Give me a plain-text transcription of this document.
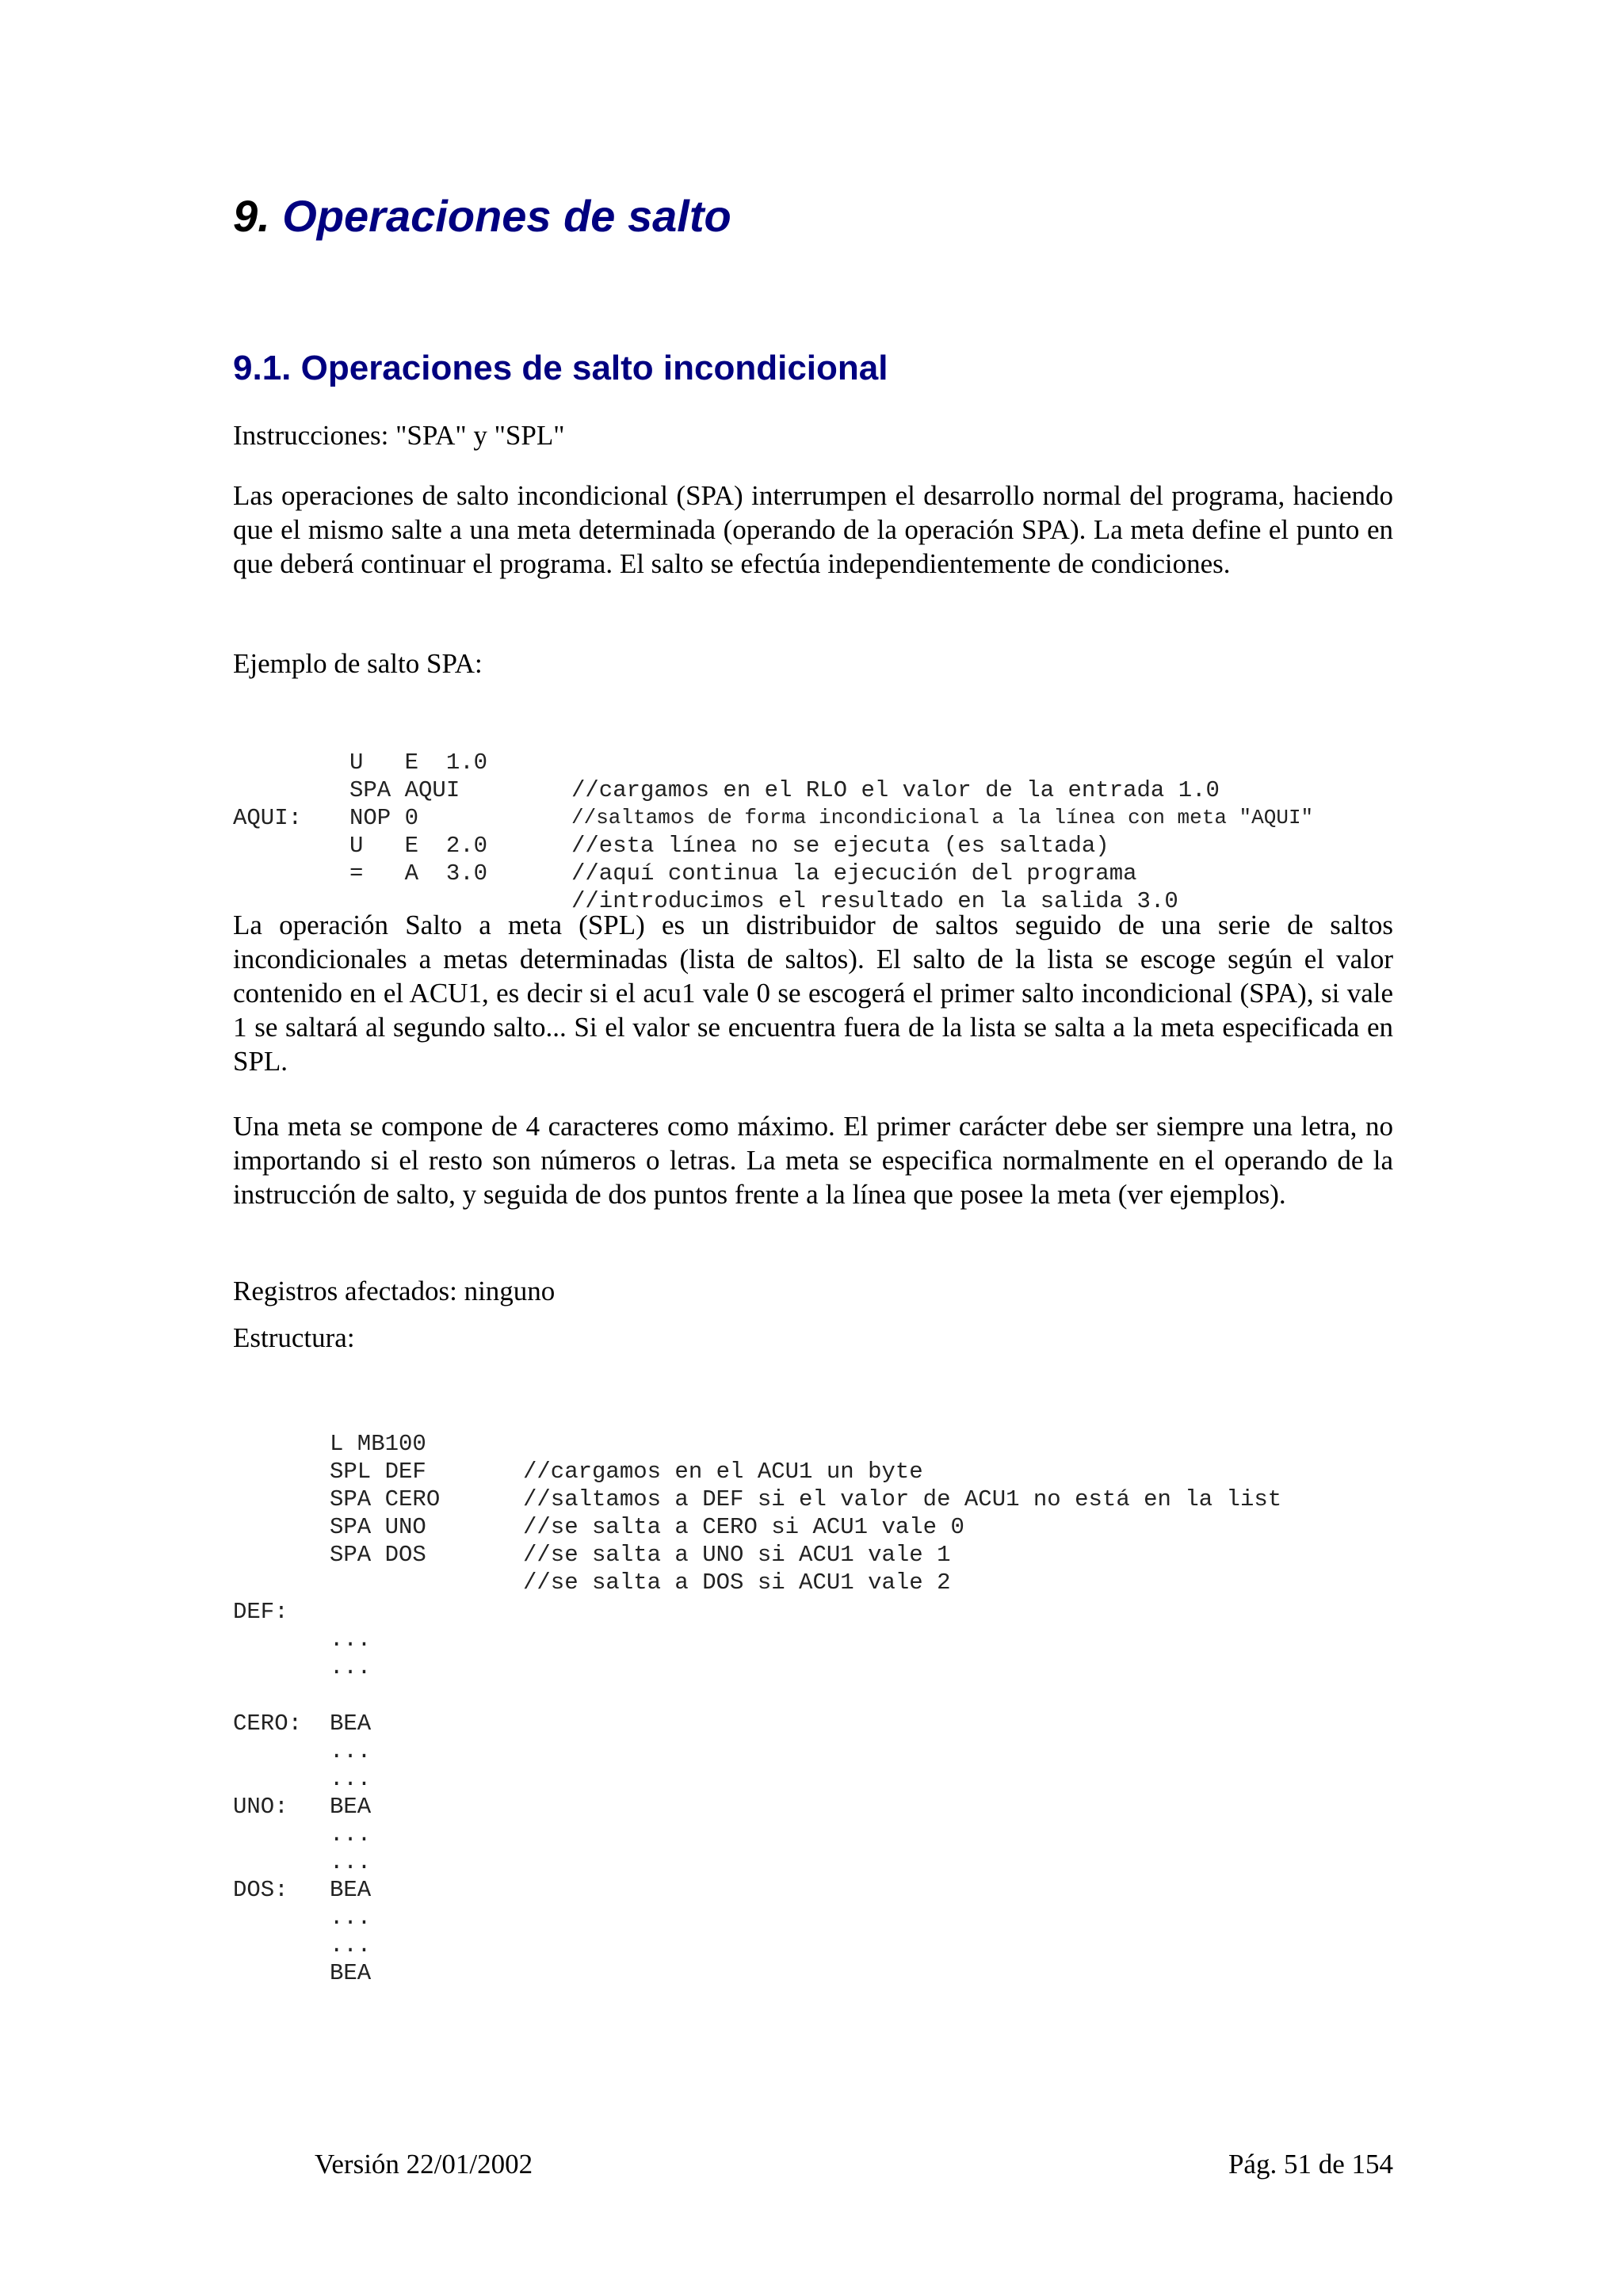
9. Operaciones de salto
9.1. Operaciones de salto incondicional

Instrucciones: "SPA" y "SPL"

Las operaciones de salto incondicional (SPA) interrumpen el desarrollo normal del programa, haciendo que el mismo salte a una meta determinada (operando de la operación SPA). La meta define el punto en que deberá continuar el programa. El salto se efectúa independientemente de condiciones.

Ejemplo de salto SPA:

U   E  1.0

//cargamos en el RLO el valor de la entrada 1.0

SPA AQUI

//saltamos de forma incondicional a la línea con meta "AQUI"

NOP 0

//esta línea no se ejecuta (es saltada)

AQUI:

U   E  2.0

//aquí continua la ejecución del programa

=   A  3.0

//introducimos el resultado en la salida 3.0

La operación Salto a meta (SPL) es un distribuidor de saltos seguido de una serie de saltos incondicionales a metas determinadas (lista de saltos). El salto de la lista se escoge según el valor contenido en el ACU1, es decir si el acu1 vale 0 se escogerá el primer salto incondicional (SPA), si vale 1 se saltará al segundo salto... Si el valor se encuentra fuera de la lista se salta a la meta especificada en SPL.

Una meta se compone de 4 caracteres como máximo. El primer carácter debe ser siempre una letra, no importando si el resto son números o letras. La meta se especifica normalmente en el operando de la instrucción de salto, y seguida de dos puntos frente a la línea que posee la meta (ver ejemplos).

Registros afectados: ninguno

Estructura:

L MB100

//cargamos en el ACU1 un byte

SPL DEF

//saltamos a DEF si el valor de ACU1 no está en la list

SPA CERO

//se salta a CERO si ACU1 vale 0

SPA UNO

//se salta a UNO si ACU1 vale 1

SPA DOS

//se salta a DOS si ACU1 vale 2

DEF:

...

...

BEA

CERO:

...

...

BEA

UNO:

...

...

BEA

DOS:

...

...

BEA

Versión 22/01/2002	Pág. 51 de 154
